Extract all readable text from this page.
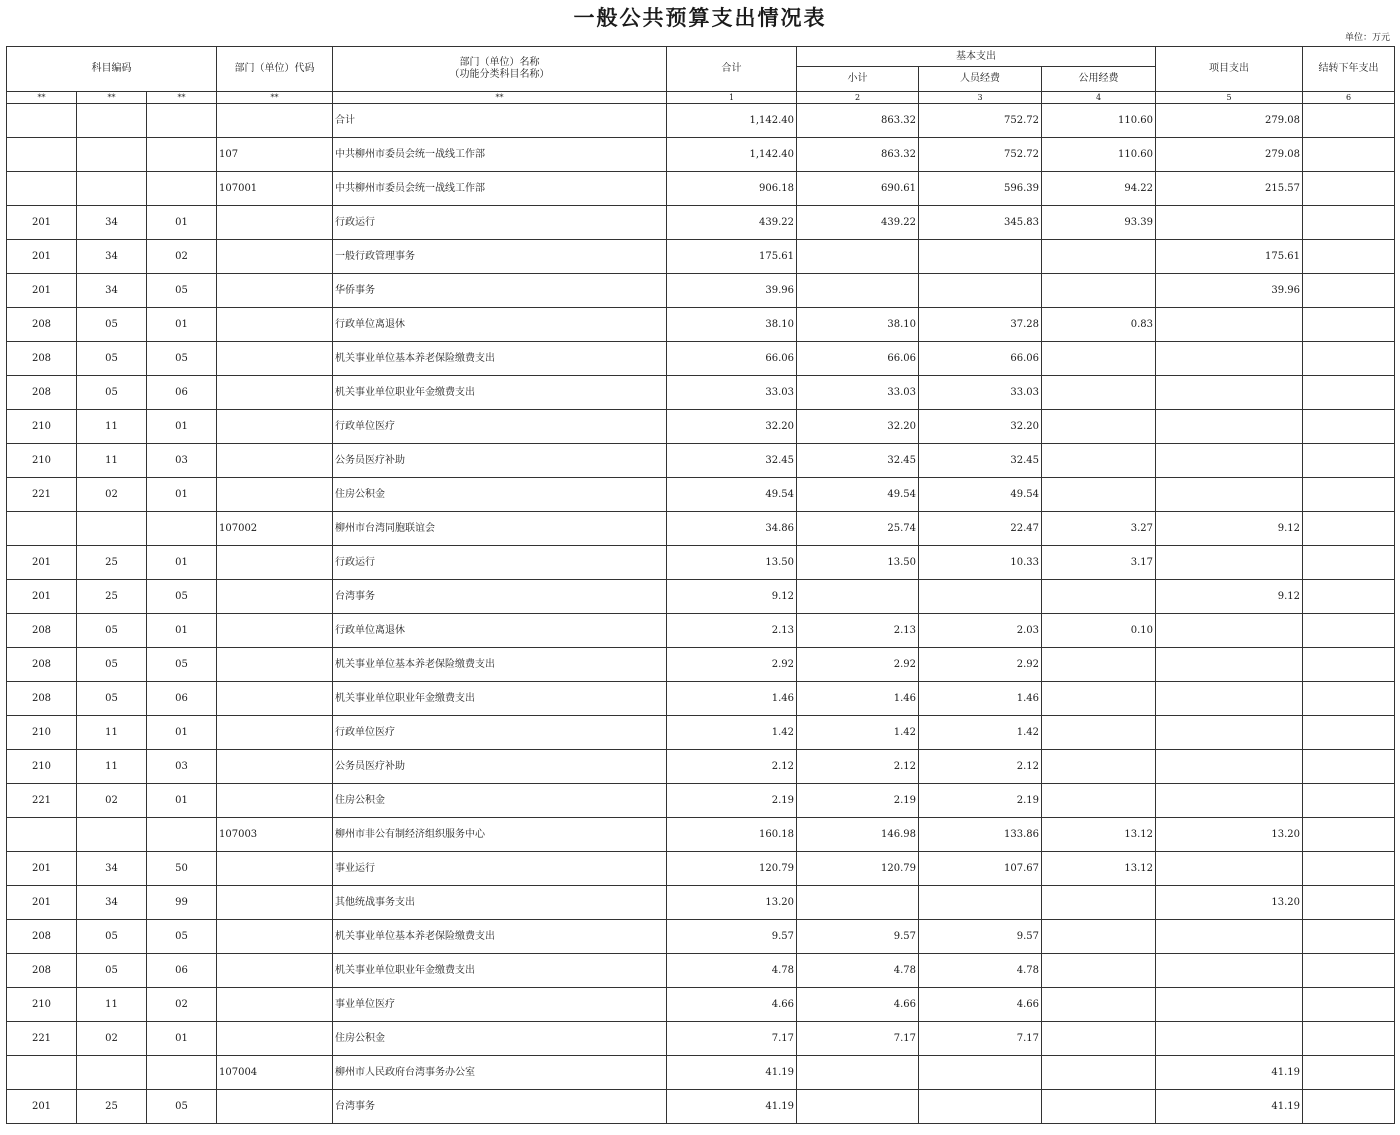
一般公共预算支出情况表
单位：万元
科目编码			部门（单位）代码	部门（单位）名称
（功能分类科目名称）	合计	基本支出			项目支出	结转下年支出
						小计	人员经费	公用经费		
**	**	**	**	**	1	2	3	4	5	6
				合计	1,142.40	863.32	752.72	110.60	279.08	
			107	中共柳州市委员会统一战线工作部	1,142.40	863.32	752.72	110.60	279.08	
			107001	中共柳州市委员会统一战线工作部	906.18	690.61	596.39	94.22	215.57	
201	34	01		行政运行	439.22	439.22	345.83	93.39		
201	34	02		一般行政管理事务	175.61				175.61	
201	34	05		华侨事务	39.96				39.96	
208	05	01		行政单位离退休	38.10	38.10	37.28	0.83		
208	05	05		机关事业单位基本养老保险缴费支出	66.06	66.06	66.06			
208	05	06		机关事业单位职业年金缴费支出	33.03	33.03	33.03			
210	11	01		行政单位医疗	32.20	32.20	32.20			
210	11	03		公务员医疗补助	32.45	32.45	32.45			
221	02	01		住房公积金	49.54	49.54	49.54			
			107002	柳州市台湾同胞联谊会	34.86	25.74	22.47	3.27	9.12	
201	25	01		行政运行	13.50	13.50	10.33	3.17		
201	25	05		台湾事务	9.12				9.12	
208	05	01		行政单位离退休	2.13	2.13	2.03	0.10		
208	05	05		机关事业单位基本养老保险缴费支出	2.92	2.92	2.92			
208	05	06		机关事业单位职业年金缴费支出	1.46	1.46	1.46			
210	11	01		行政单位医疗	1.42	1.42	1.42			
210	11	03		公务员医疗补助	2.12	2.12	2.12			
221	02	01		住房公积金	2.19	2.19	2.19			
			107003	柳州市非公有制经济组织服务中心	160.18	146.98	133.86	13.12	13.20	
201	34	50		事业运行	120.79	120.79	107.67	13.12		
201	34	99		其他统战事务支出	13.20				13.20	
208	05	05		机关事业单位基本养老保险缴费支出	9.57	9.57	9.57			
208	05	06		机关事业单位职业年金缴费支出	4.78	4.78	4.78			
210	11	02		事业单位医疗	4.66	4.66	4.66			
221	02	01		住房公积金	7.17	7.17	7.17			
			107004	柳州市人民政府台湾事务办公室	41.19				41.19	
201	25	05		台湾事务	41.19				41.19	
